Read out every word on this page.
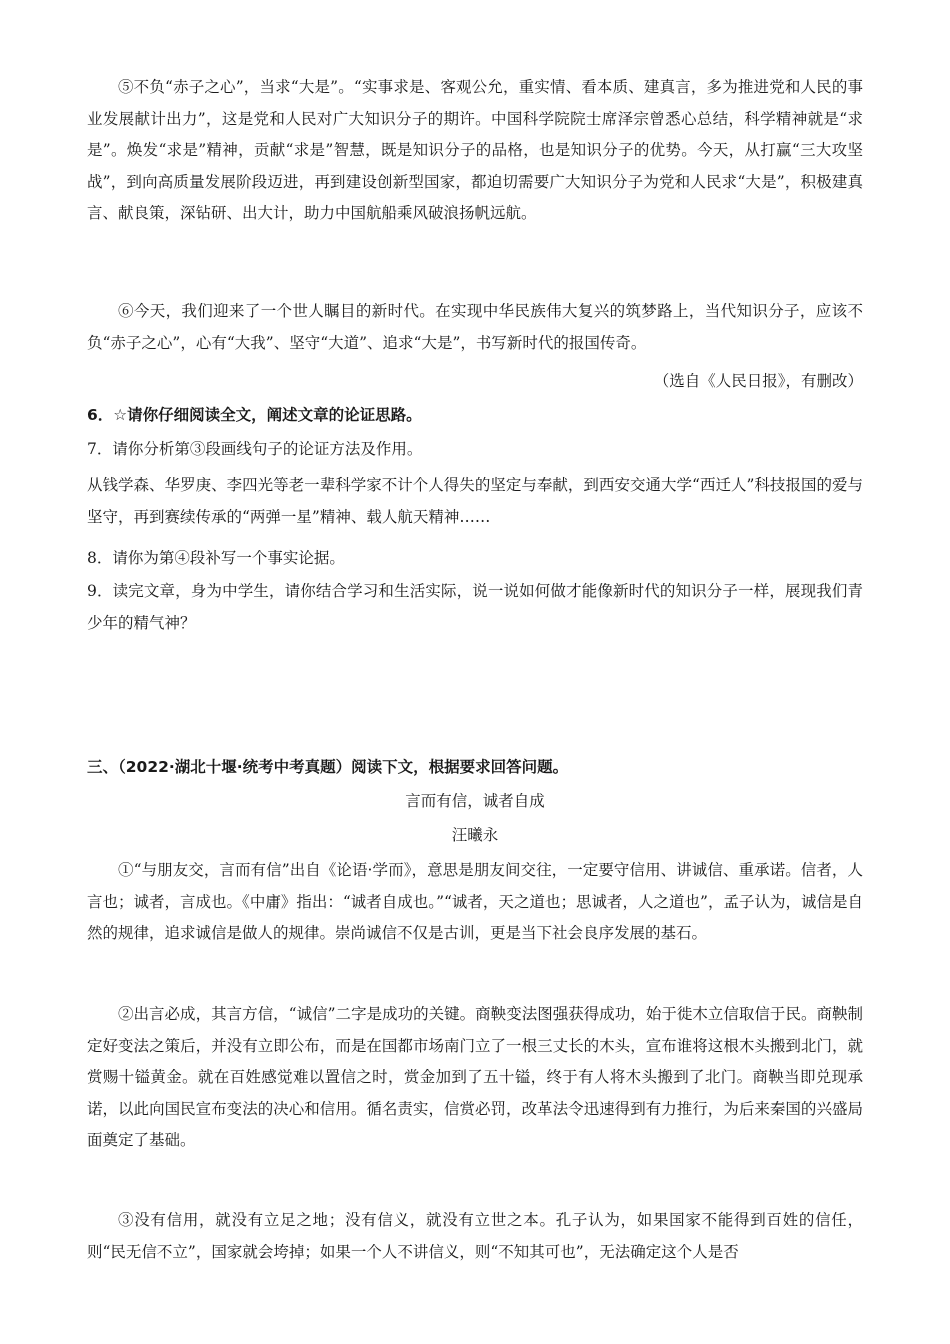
⑤不负“赤子之心”，当求“大是”。“实事求是、客观公允，重实情、看本质、建真言，多为推进党和人民的事业发展献计出力”，这是党和人民对广大知识分子的期许。中国科学院院士席泽宗曾悉心总结，科学精神就是“求是”。焕发“求是”精神，贡献“求是”智慧，既是知识分子的品格，也是知识分子的优势。今天，从打赢“三大攻坚战”，到向高质量发展阶段迈进，再到建设创新型国家，都迫切需要广大知识分子为党和人民求“大是”，积极建真言、献良策，深钻研、出大计，助力中国航船乘风破浪扬帆远航。

⑥今天，我们迎来了一个世人瞩目的新时代。在实现中华民族伟大复兴的筑梦路上，当代知识分子，应该不负“赤子之心”，心有“大我”、坚守“大道”、追求“大是”，书写新时代的报国传奇。

（选自《人民日报》，有删改）

6．☆请你仔细阅读全文，阐述文章的论证思路。

7．请你分析第③段画线句子的论证方法及作用。

从钱学森、华罗庚、李四光等老一辈科学家不计个人得失的坚定与奉献，到西安交通大学“西迁人”科技报国的爱与坚守，再到赛续传承的“两弹一星”精神、载人航天精神……

8．请你为第④段补写一个事实论据。

9．读完文章，身为中学生，请你结合学习和生活实际，说一说如何做才能像新时代的知识分子一样，展现我们青少年的精气神？

三、（2022·湖北十堰·统考中考真题）阅读下文，根据要求回答问题。

言而有信，诚者自成

汪曦永

①“与朋友交，言而有信”出自《论语·学而》，意思是朋友间交往，一定要守信用、讲诚信、重承诺。信者，人言也；诚者，言成也。《中庸》指出：“诚者自成也。”“诚者，天之道也；思诚者，人之道也”，孟子认为，诚信是自然的规律，追求诚信是做人的规律。崇尚诚信不仅是古训，更是当下社会良序发展的基石。

②出言必成，其言方信，“诚信”二字是成功的关键。商鞅变法图强获得成功，始于徙木立信取信于民。商鞅制定好变法之策后，并没有立即公布，而是在国都市场南门立了一根三丈长的木头，宣布谁将这根木头搬到北门，就赏赐十镒黄金。就在百姓感觉难以置信之时，赏金加到了五十镒，终于有人将木头搬到了北门。商鞅当即兑现承诺，以此向国民宣布变法的决心和信用。循名责实，信赏必罚，改革法令迅速得到有力推行，为后来秦国的兴盛局面奠定了基础。

③没有信用，就没有立足之地；没有信义，就没有立世之本。孔子认为，如果国家不能得到百姓的信任，则“民无信不立”，国家就会垮掉；如果一个人不讲信义，则“不知其可也”，无法确定这个人是否
